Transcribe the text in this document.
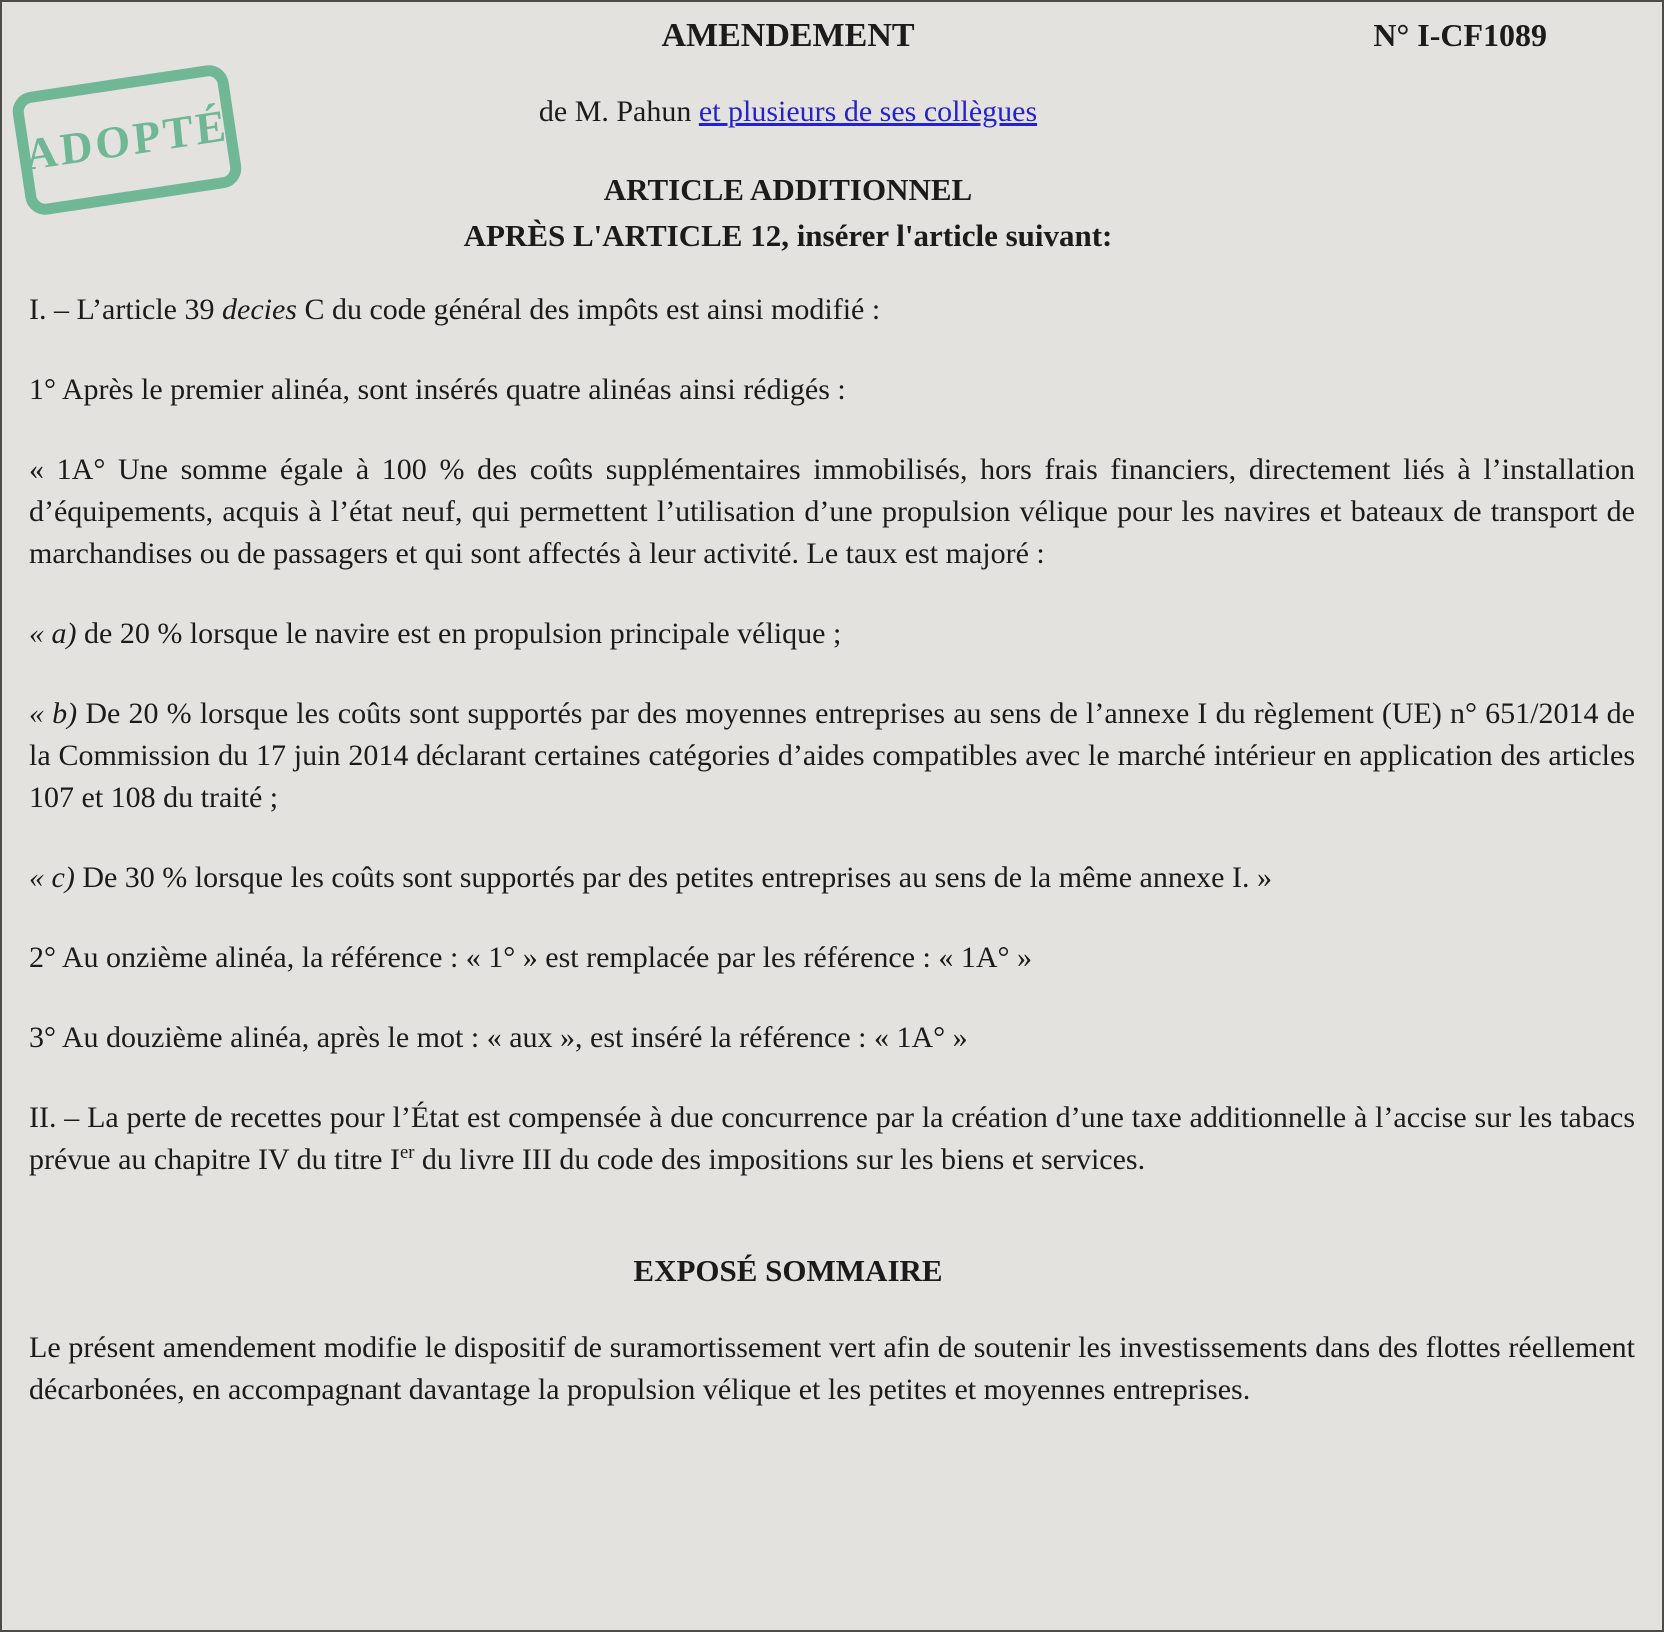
ADOPTÉ
AMENDEMENT	N° I-CF1089

de M. Pahun et plusieurs de ses collègues

ARTICLE ADDITIONNEL
APRÈS L'ARTICLE 12, insérer l'article suivant:

I. – L’article 39 decies C du code général des impôts est ainsi modifié :

1° Après le premier alinéa, sont insérés quatre alinéas ainsi rédigés :

« 1A° Une somme égale à 100 % des coûts supplémentaires immobilisés, hors frais financiers, directement liés à l’installation d’équipements, acquis à l’état neuf, qui permettent l’utilisation d’une propulsion vélique pour les navires et bateaux de transport de marchandises ou de passagers et qui sont affectés à leur activité. Le taux est majoré :

« a) de 20 % lorsque le navire est en propulsion principale vélique ;

« b) De 20 % lorsque les coûts sont supportés par des moyennes entreprises au sens de l’annexe I du règlement (UE) n° 651/2014 de la Commission du 17 juin 2014 déclarant certaines catégories d’aides compatibles avec le marché intérieur en application des articles 107 et 108 du traité ;

« c) De 30 % lorsque les coûts sont supportés par des petites entreprises au sens de la même annexe I. »

2° Au onzième alinéa, la référence : « 1° » est remplacée par les référence : « 1A° »

3° Au douzième alinéa, après le mot : « aux », est inséré la référence : « 1A° »

II. – La perte de recettes pour l’État est compensée à due concurrence par la création d’une taxe additionnelle à l’accise sur les tabacs prévue au chapitre IV du titre Ier du livre III du code des impositions sur les biens et services.

EXPOSÉ SOMMAIRE

Le présent amendement modifie le dispositif de suramortissement vert afin de soutenir les investissements dans des flottes réellement décarbonées, en accompagnant davantage la propulsion vélique et les petites et moyennes entreprises.
